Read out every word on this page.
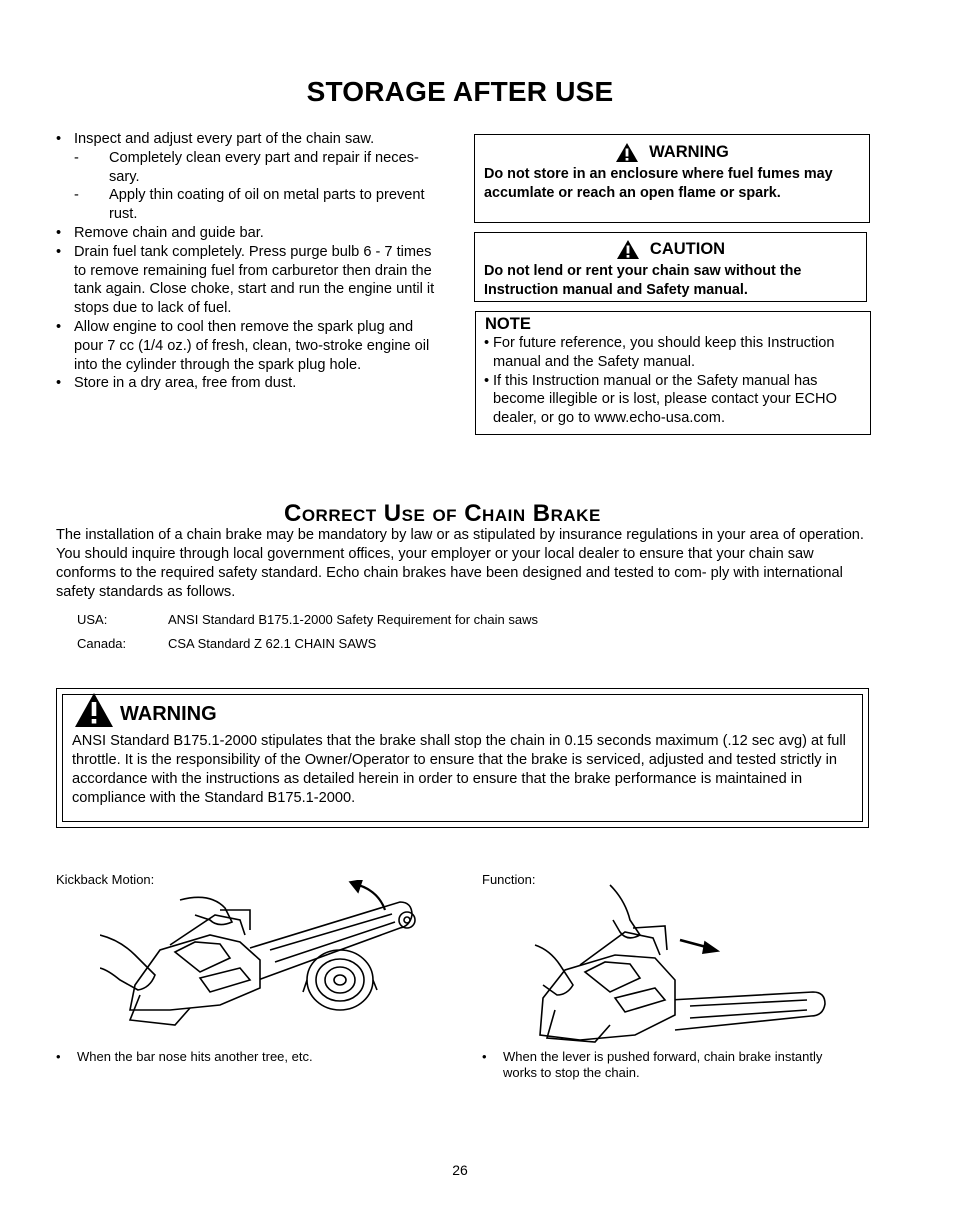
STORAGE AFTER USE
• Inspect and adjust every part of the chain saw.
- Completely clean every part and repair if neces- sary.
- Apply thin coating of oil on metal parts to prevent rust.
• Remove chain and guide bar.
• Drain fuel tank completely. Press purge bulb 6 - 7 times to remove remaining fuel from carburetor then drain the tank again. Close choke, start and run the engine until it stops due to lack of fuel.
• Allow engine to cool then remove the spark plug and pour 7 cc (1/4 oz.) of fresh, clean, two-stroke engine oil into the cylinder through the spark plug hole.
• Store in a dry area, free from dust.
WARNING
Do not store in an enclosure where fuel fumes may accumlate or reach an open flame or spark.
CAUTION
Do not lend or rent your chain saw without the Instruction manual and Safety manual.
NOTE
• For future reference, you should keep this Instruction manual and the Safety manual.
• If this Instruction manual or the Safety manual has become illegible or is lost, please contact your ECHO dealer, or go to www.echo-usa.com.
Correct Use of Chain Brake

The installation of a chain brake may be mandatory by law or as stipulated by insurance regulations in your area of operation. You should inquire through local government offices, your employer or your local dealer to ensure that your chain saw conforms to the required safety standard. Echo chain brakes have been designed and tested to com- ply with international safety standards as follows.

USA:	ANSI Standard B175.1-2000 Safety Requirement for chain saws
Canada:	CSA Standard Z 62.1 CHAIN SAWS
WARNING
ANSI Standard B175.1-2000 stipulates that the brake shall stop the chain in 0.15 seconds maximum (.12 sec avg) at full throttle. It is the responsibility of the Owner/Operator to ensure that the brake is serviced, adjusted and tested strictly in accordance with the instructions as detailed herein in order to ensure that the brake performance is maintained in compliance with the Standard B175.1-2000.
Kickback Motion:	Function:
• When the bar nose hits another tree, etc.	• When the lever is pushed forward, chain brake instantly works to stop the chain.
26
